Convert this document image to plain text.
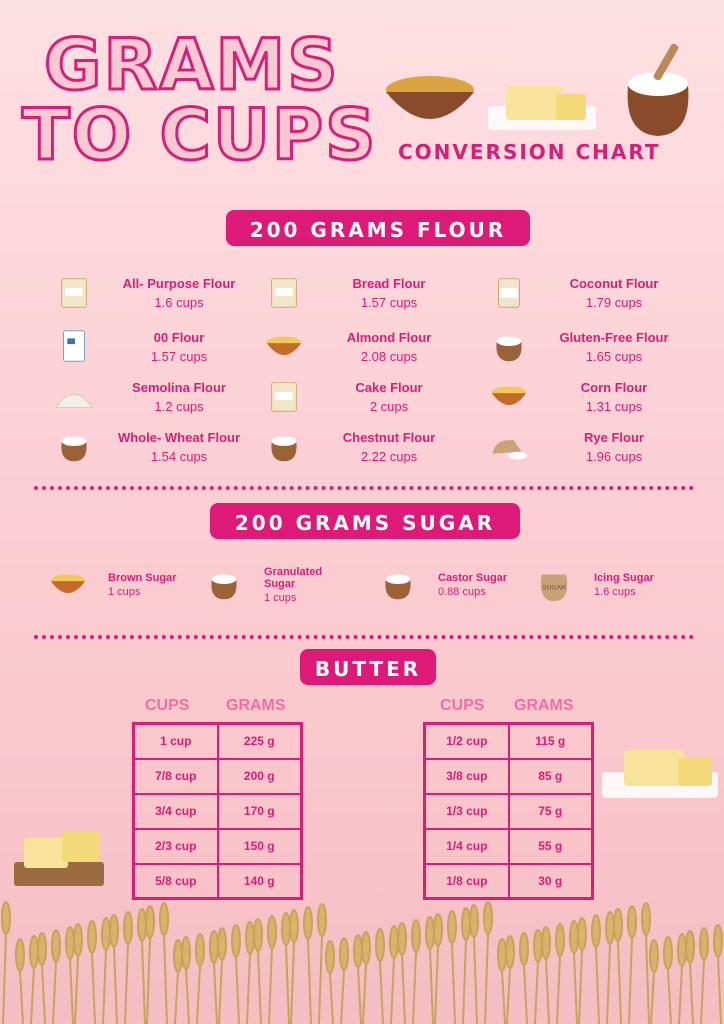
GRAMS
TO CUPS CONVERSION CHART
200 GRAMS FLOUR
All- Purpose Flour
1.6 cups
Bread Flour
1.57 cups
Coconut Flour
1.79 cups
00 Flour
1.57 cups
Almond Flour
2.08 cups
Gluten-Free Flour
1.65 cups
Semolina Flour
1.2 cups
Cake Flour
2 cups
Corn Flour
1.31 cups
Whole- Wheat Flour
1.54 cups
Chestnut Flour
2.22 cups
Rye Flour
1.96 cups
200 GRAMS SUGAR
Brown Sugar
1 cups
Granulated Sugar
1 cups
Castor Sugar
0.88 cups	SUGAR
Icing Sugar
1.6 cups
BUTTER
CUPS GRAMS	CUPS GRAMS
1 cup	225 g
7/8 cup	200 g
3/4 cup	170 g
2/3 cup	150 g
5/8 cup	140 g
1/2 cup	115 g
3/8 cup	85 g
1/3 cup	75 g
1/4 cup	55 g
1/8 cup	30 g
